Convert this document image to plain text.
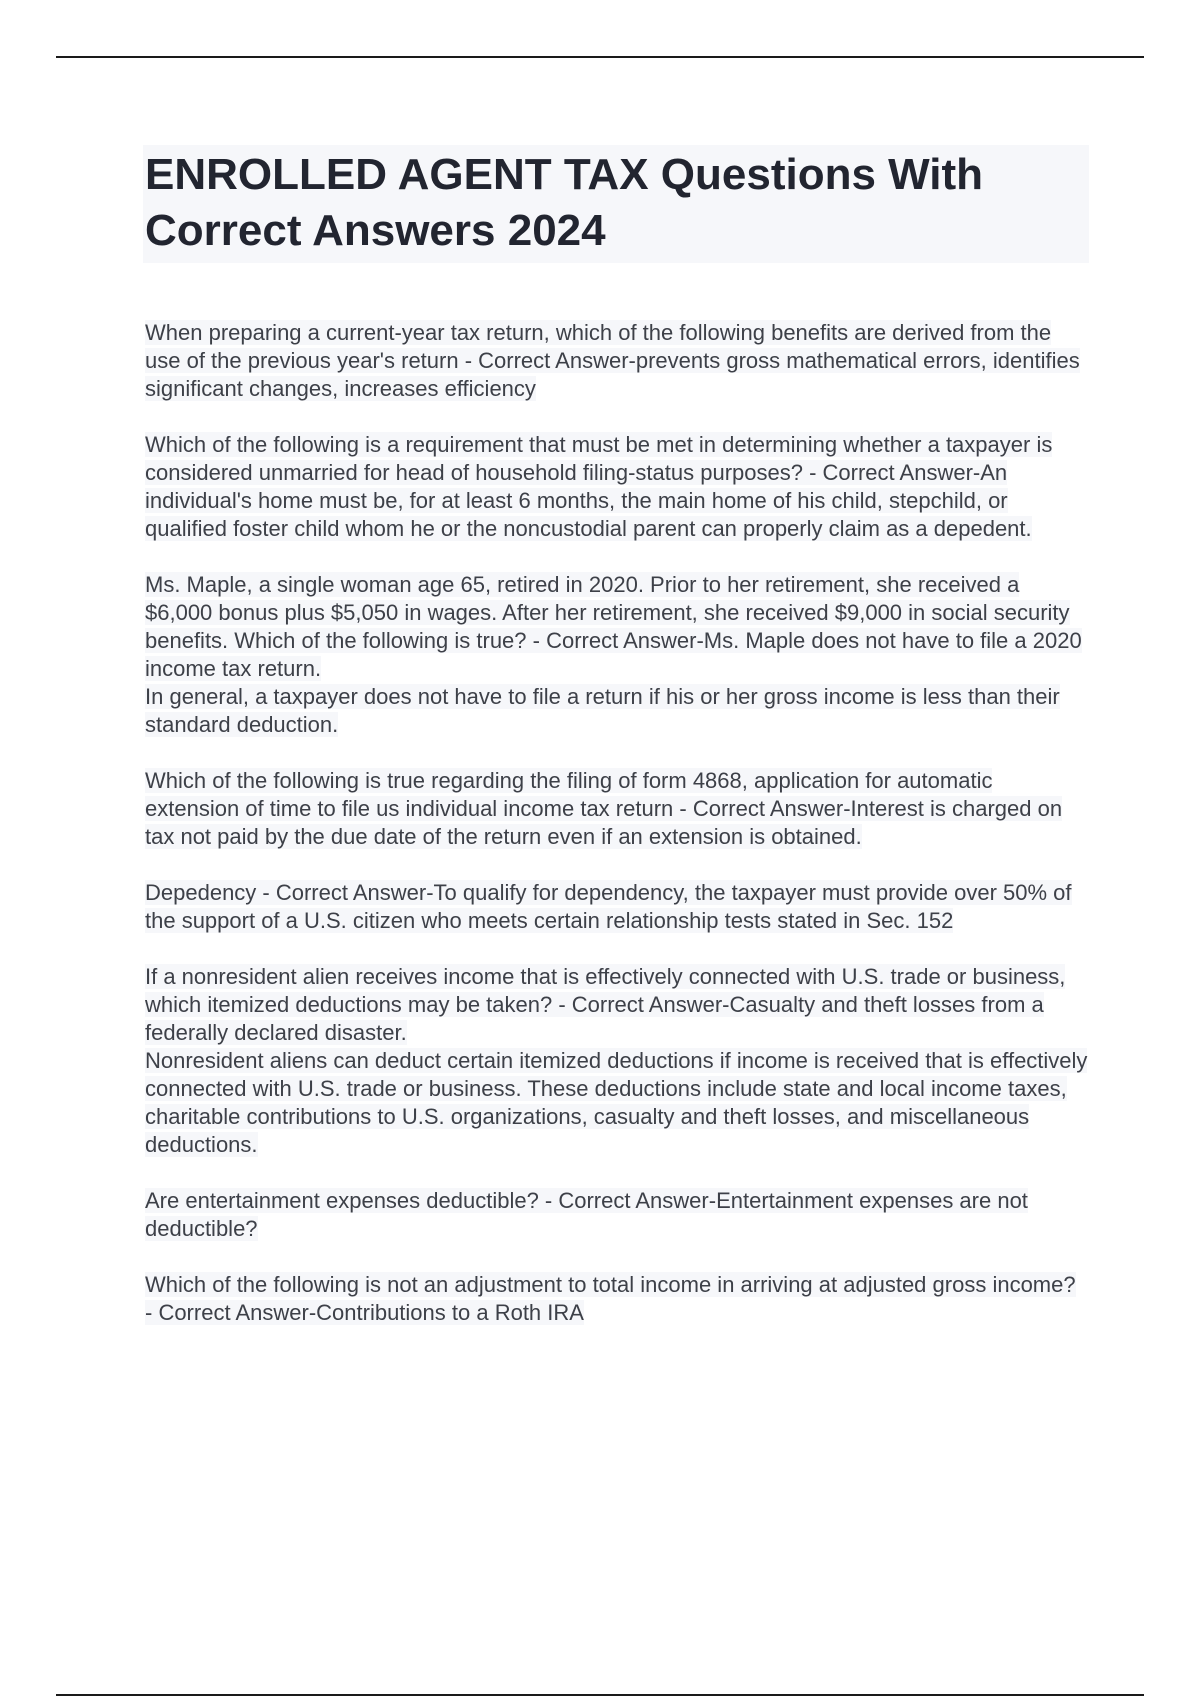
ENROLLED AGENT TAX Questions With Correct Answers 2024

When preparing a current-year tax return, which of the following benefits are derived from the use of the previous year's return - Correct Answer-prevents gross mathematical errors, identifies significant changes, increases efficiency

Which of the following is a requirement that must be met in determining whether a taxpayer is considered unmarried for head of household filing-status purposes? - Correct Answer-An individual's home must be, for at least 6 months, the main home of his child, stepchild, or qualified foster child whom he or the noncustodial parent can properly claim as a depedent.

Ms. Maple, a single woman age 65, retired in 2020. Prior to her retirement, she received a $6,000 bonus plus $5,050 in wages. After her retirement, she received $9,000 in social security benefits. Which of the following is true? - Correct Answer-Ms. Maple does not have to file a 2020 income tax return.
In general, a taxpayer does not have to file a return if his or her gross income is less than their standard deduction.

Which of the following is true regarding the filing of form 4868, application for automatic extension of time to file us individual income tax return - Correct Answer-Interest is charged on tax not paid by the due date of the return even if an extension is obtained.

Depedency - Correct Answer-To qualify for dependency, the taxpayer must provide over 50% of the support of a U.S. citizen who meets certain relationship tests stated in Sec. 152

If a nonresident alien receives income that is effectively connected with U.S. trade or business, which itemized deductions may be taken? - Correct Answer-Casualty and theft losses from a federally declared disaster.
Nonresident aliens can deduct certain itemized deductions if income is received that is effectively connected with U.S. trade or business. These deductions include state and local income taxes, charitable contributions to U.S. organizations, casualty and theft losses, and miscellaneous deductions.

Are entertainment expenses deductible? - Correct Answer-Entertainment expenses are not deductible?

Which of the following is not an adjustment to total income in arriving at adjusted gross income? - Correct Answer-Contributions to a Roth IRA
